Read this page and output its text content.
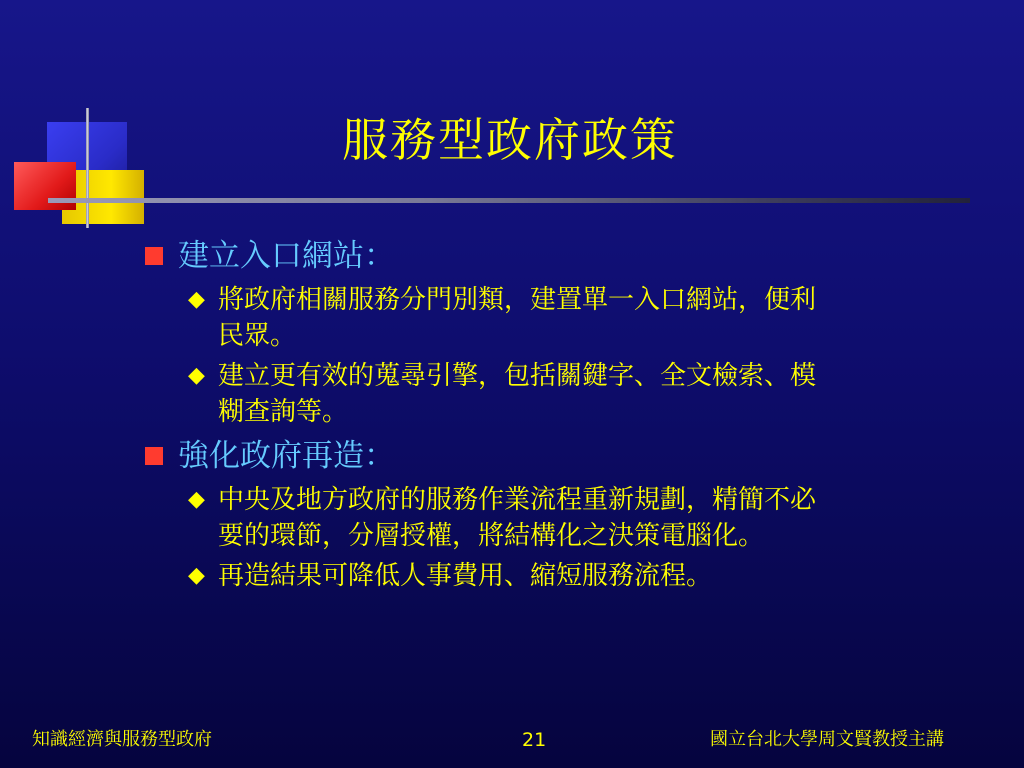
服務型政府政策
建立入口網站：
◆ 將政府相關服務分門別類，建置單一入口網站，便利民眾。
◆ 建立更有效的蒐尋引擎，包括關鍵字、全文檢索、模糊查詢等。
強化政府再造：
◆ 中央及地方政府的服務作業流程重新規劃，精簡不必要的環節，分層授權，將結構化之決策電腦化。
◆ 再造結果可降低人事費用、縮短服務流程。
知識經濟與服務型政府	21	國立台北大學周文賢教授主講
